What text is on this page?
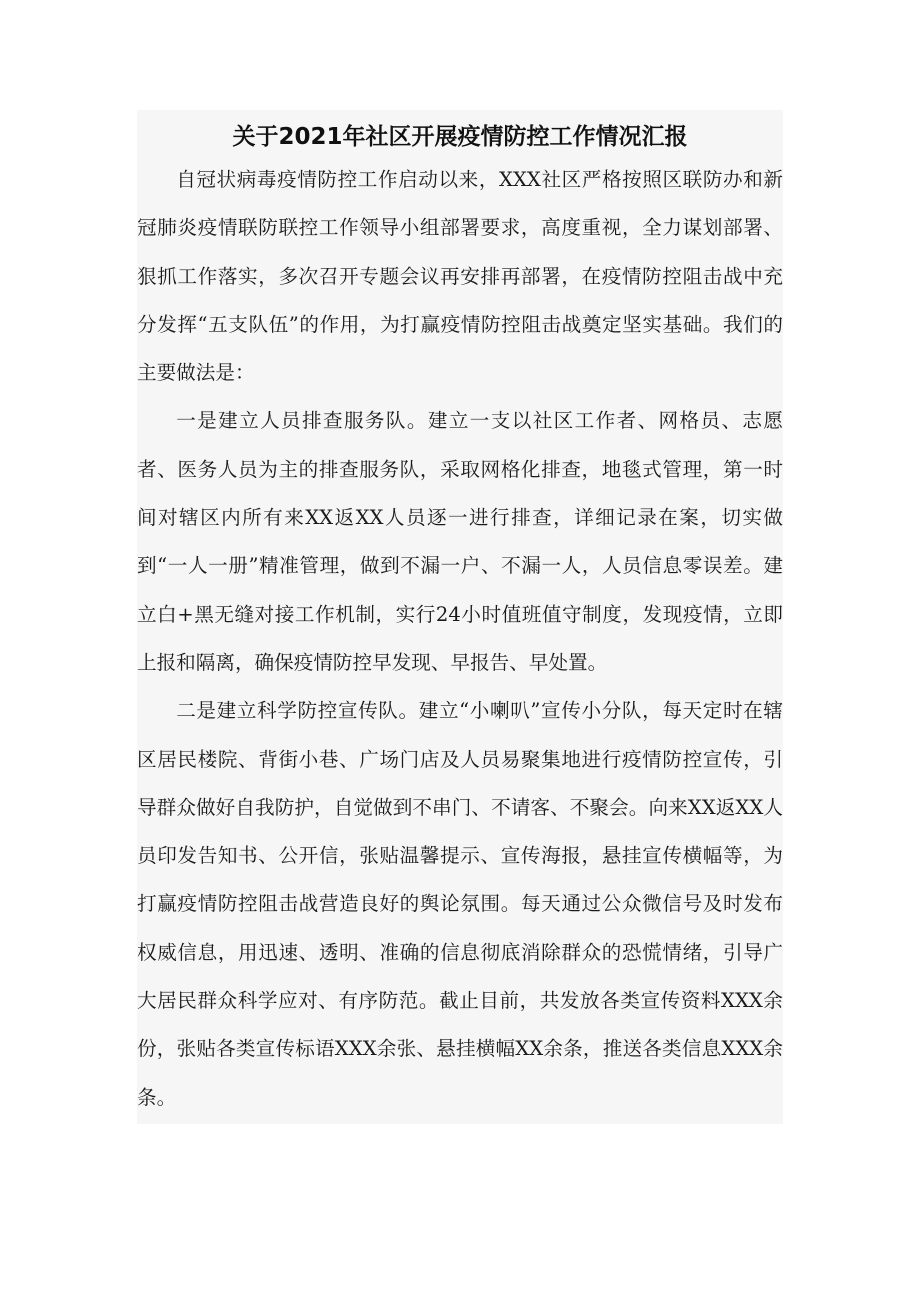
关于2021年社区开展疫情防控工作情况汇报

自冠状病毒疫情防控工作启动以来，XXX社区严格按照区联防办和新冠肺炎疫情联防联控工作领导小组部署要求，高度重视，全力谋划部署、狠抓工作落实，多次召开专题会议再安排再部署，在疫情防控阻击战中充分发挥“五支队伍”的作用，为打赢疫情防控阻击战奠定坚实基础。我们的主要做法是：

一是建立人员排查服务队。建立一支以社区工作者、网格员、志愿者、医务人员为主的排查服务队，采取网格化排查，地毯式管理，第一时间对辖区内所有来XX返XX人员逐一进行排查，详细记录在案，切实做到“一人一册”精准管理，做到不漏一户、不漏一人，人员信息零误差。建立白+黑无缝对接工作机制，实行24小时值班值守制度，发现疫情，立即上报和隔离，确保疫情防控早发现、早报告、早处置。

二是建立科学防控宣传队。建立“小喇叭”宣传小分队，每天定时在辖区居民楼院、背街小巷、广场门店及人员易聚集地进行疫情防控宣传，引导群众做好自我防护，自觉做到不串门、不请客、不聚会。向来XX返XX人员印发告知书、公开信，张贴温馨提示、宣传海报，悬挂宣传横幅等，为打赢疫情防控阻击战营造良好的舆论氛围。每天通过公众微信号及时发布权威信息，用迅速、透明、准确的信息彻底消除群众的恐慌情绪，引导广大居民群众科学应对、有序防范。截止目前，共发放各类宣传资料XXX余份，张贴各类宣传标语XXX余张、悬挂横幅XX余条，推送各类信息XXX余条。
